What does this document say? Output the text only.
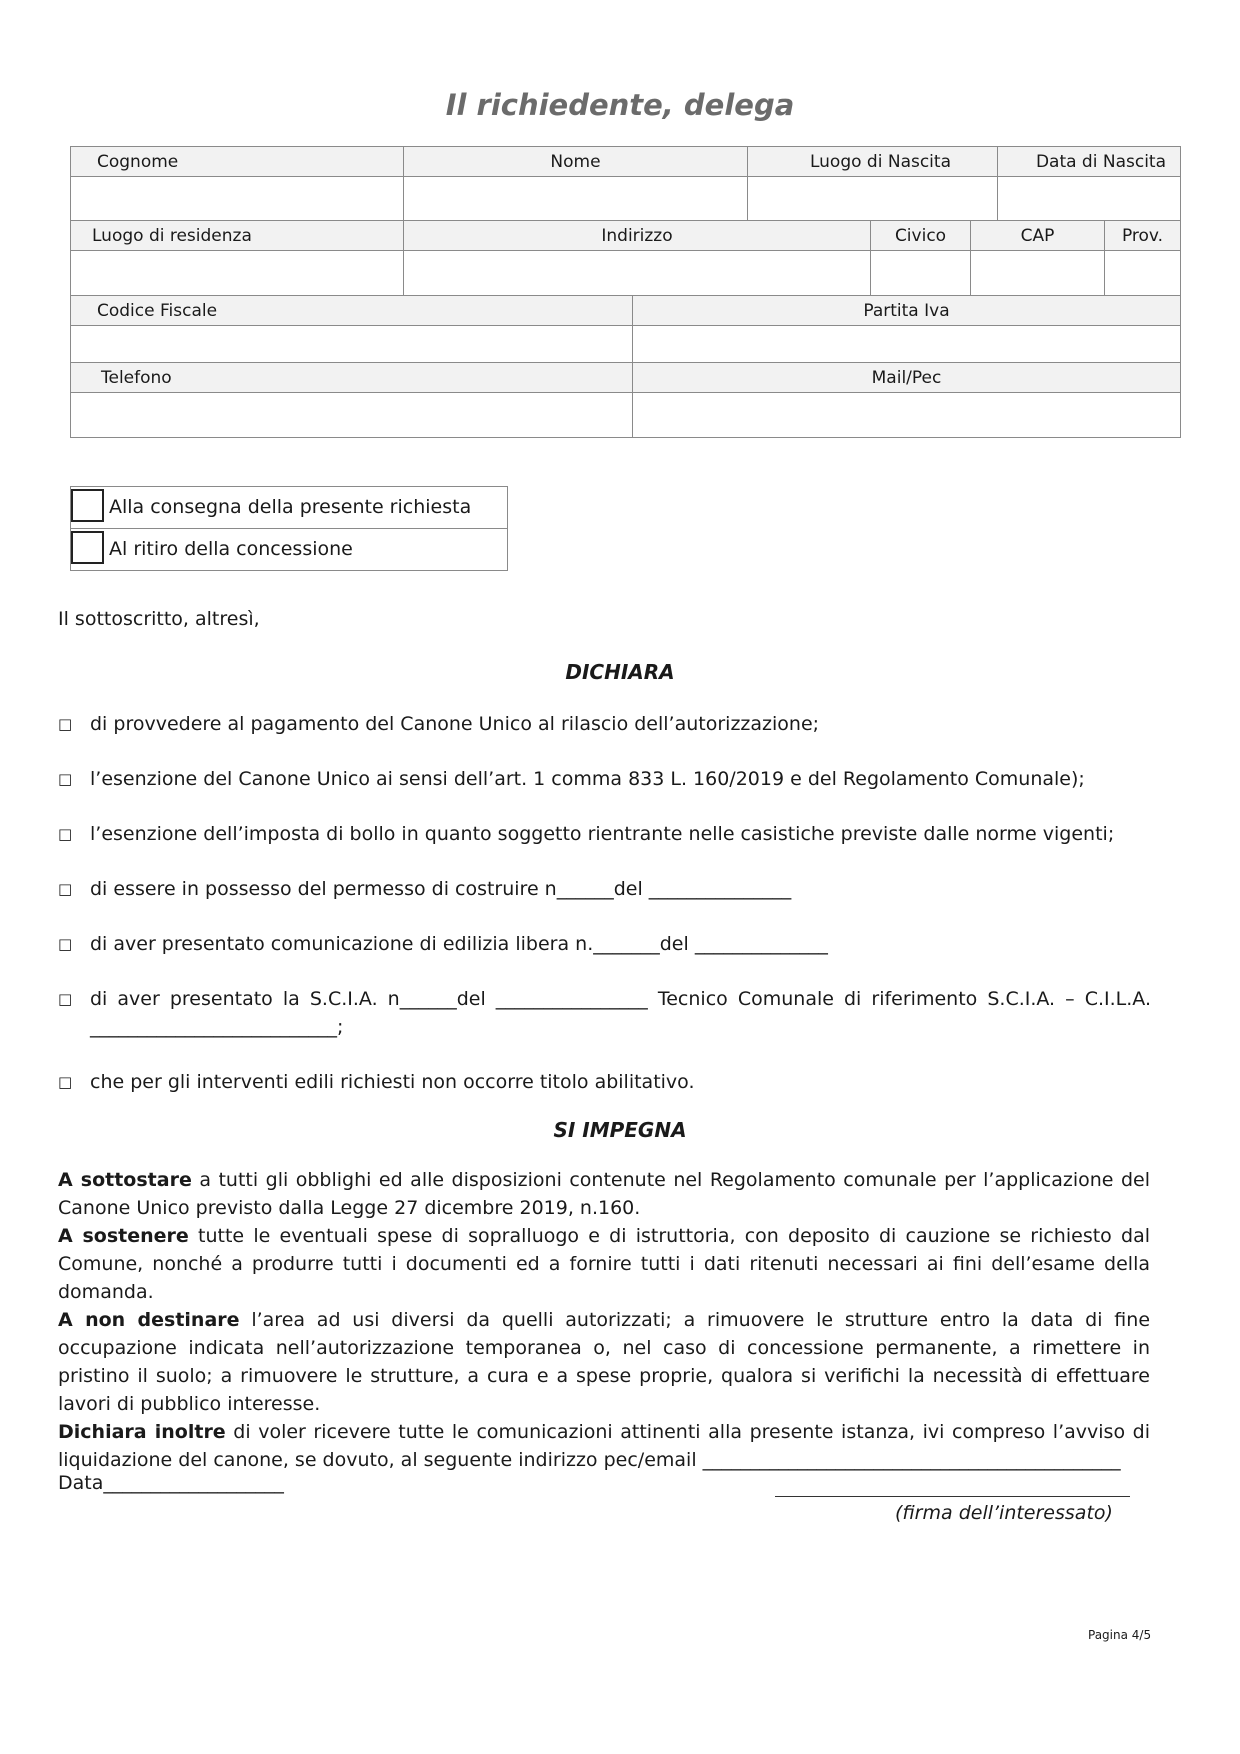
Il richiedente, delega
Cognome	Nome	Luogo di Nascita	Data di Nascita

Luogo di residenza	Indirizzo	Civico	CAP	Prov.

Codice Fiscale	Partita Iva

Telefono	Mail/Pec

Alla consegna della presente richiesta
Al ritiro della concessione
Il sottoscritto, altresì,
DICHIARA
□ di provvedere al pagamento del Canone Unico al rilascio dell’autorizzazione;
□ l’esenzione del Canone Unico ai sensi dell’art. 1 comma 833 L. 160/2019 e del Regolamento Comunale);
□ l’esenzione dell’imposta di bollo in quanto soggetto rientrante nelle casistiche previste dalle norme vigenti;
□ di essere in possesso del permesso di costruire n______del _______________
□ di aver presentato comunicazione di edilizia libera n._______del ______________
□ di aver presentato la S.C.I.A. n______del ________________ Tecnico Comunale di riferimento S.C.I.A. – C.I.L.A.
__________________________;
□ che per gli interventi edili richiesti non occorre titolo abilitativo.
SI IMPEGNA
A sottostare a tutti gli obblighi ed alle disposizioni contenute nel Regolamento comunale per l’applicazione del Canone Unico previsto dalla Legge 27 dicembre 2019, n.160.
A sostenere tutte le eventuali spese di sopralluogo e di istruttoria, con deposito di cauzione se richiesto dal Comune, nonché a produrre tutti i documenti ed a fornire tutti i dati ritenuti necessari ai fini dell’esame della domanda.
A non destinare l’area ad usi diversi da quelli autorizzati; a rimuovere le strutture entro la data di fine occupazione indicata nell’autorizzazione temporanea o, nel caso di concessione permanente, a rimettere in pristino il suolo; a rimuovere le strutture, a cura e a spese proprie, qualora si verifichi la necessità di effettuare lavori di pubblico interesse.
Dichiara inoltre di voler ricevere tutte le comunicazioni attinenti alla presente istanza, ivi compreso l’avviso di liquidazione del canone, se dovuto, al seguente indirizzo pec/email ____________________________________________
Data___________________
(firma dell’interessato)
Pagina 4/5
